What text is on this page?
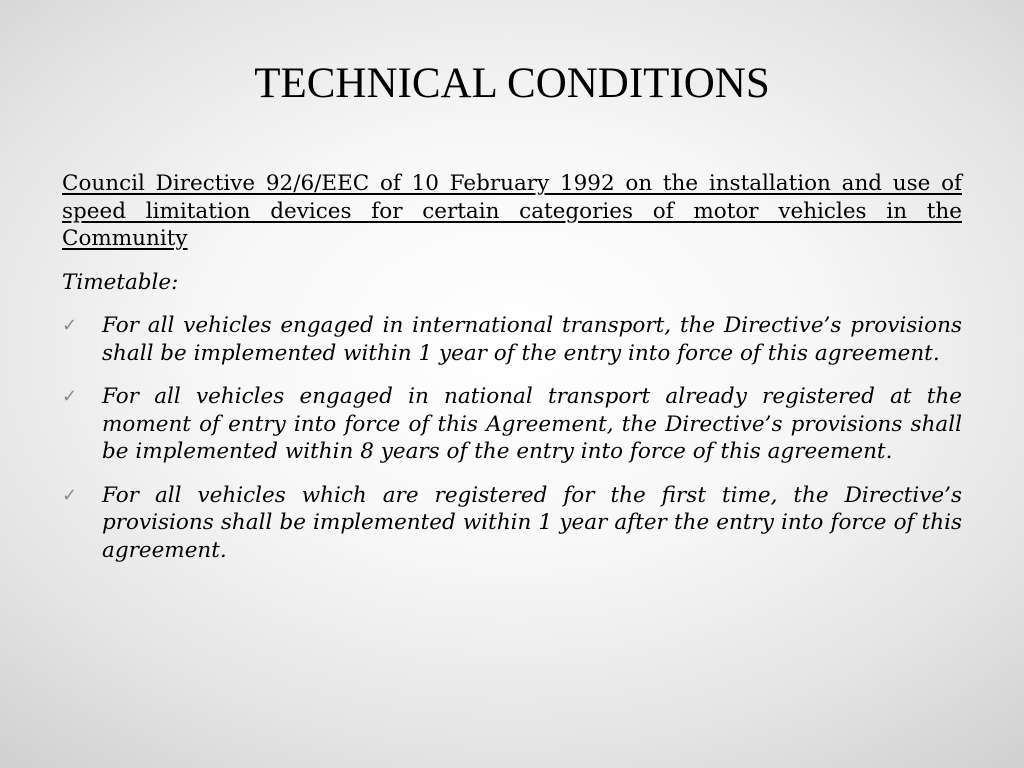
TECHNICAL CONDITIONS

Council Directive 92/6/EEC of 10 February 1992 on the installation and use of speed limitation devices for certain categories of motor vehicles in the Community

Timetable:

✓ For all vehicles engaged in international transport, the Directive’s provisions shall be implemented within 1 year of the entry into force of this agreement.
✓ For all vehicles engaged in national transport already registered at the moment of entry into force of this Agreement, the Directive’s provisions shall be implemented within 8 years of the entry into force of this agreement.
✓ For all vehicles which are registered for the first time, the Directive’s provisions shall be implemented within 1 year after the entry into force of this agreement.
